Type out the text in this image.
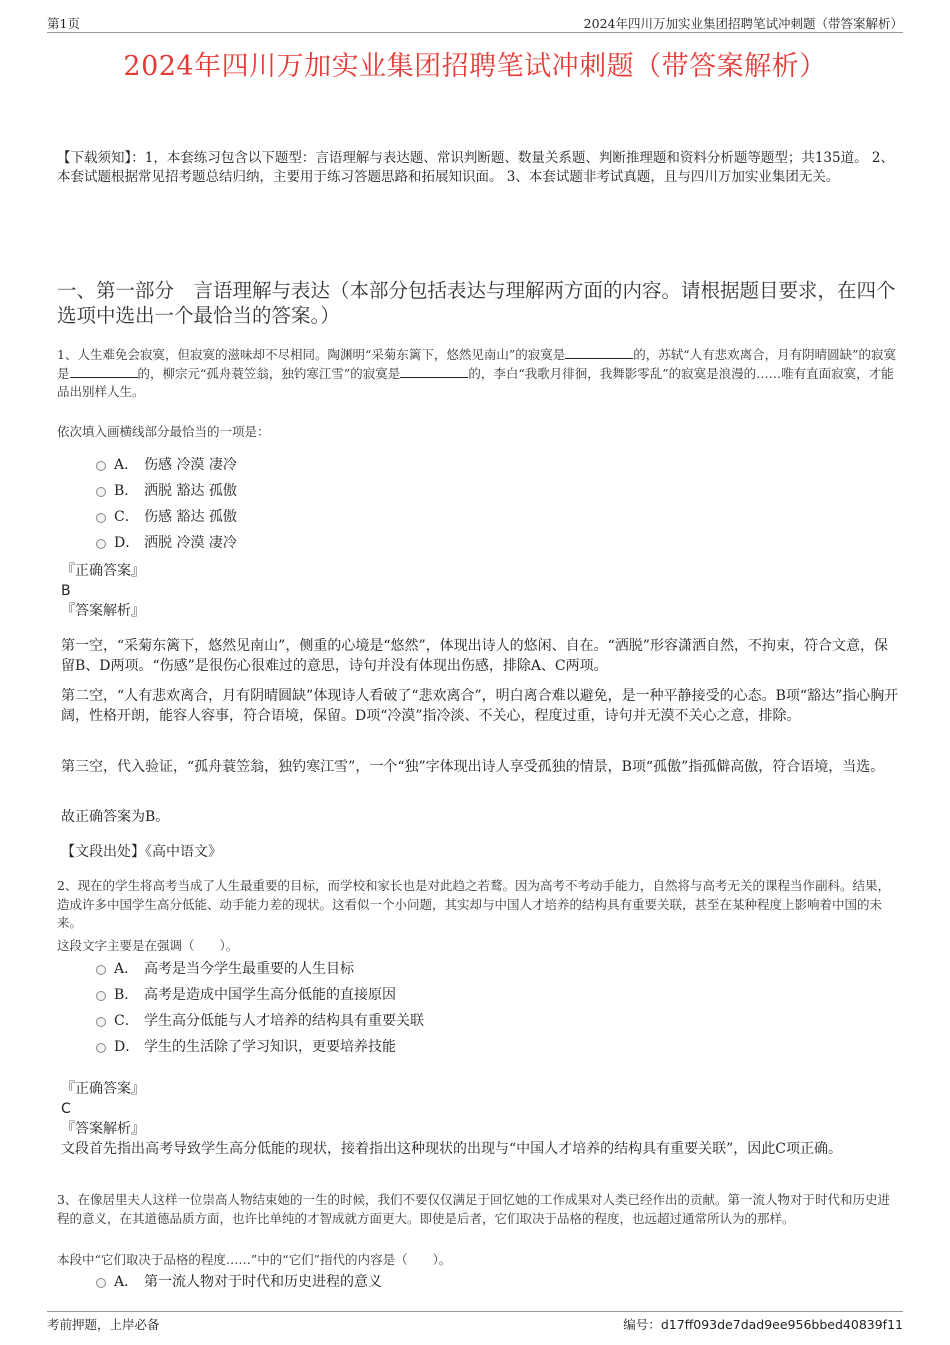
第1页	2024年四川万加实业集团招聘笔试冲刺题（带答案解析）
2024年四川万加实业集团招聘笔试冲刺题（带答案解析）
【下载须知】：1，本套练习包含以下题型：言语理解与表达题、常识判断题、数量关系题、判断推理题和资料分析题等题型；共135道。 2、本套试题根据常见招考题总结归纳，主要用于练习答题思路和拓展知识面。 3、本套试题非考试真题，且与四川万加实业集团无关。
一、第一部分　言语理解与表达（本部分包括表达与理解两方面的内容。请根据题目要求，在四个选项中选出一个最恰当的答案。）
1、人生难免会寂寞，但寂寞的滋味却不尽相同。陶渊明“采菊东篱下，悠然见南山”的寂寞是	的，苏轼“人有悲欢离合，月有阴晴圆缺”的寂寞是	的，柳宗元“孤舟蓑笠翁，独钓寒江雪”的寂寞是	的，李白“我歌月徘徊，我舞影零乱”的寂寞是浪漫的……唯有直面寂寞，才能品出别样人生。
依次填入画横线部分最恰当的一项是：
A． 伤感 冷漠 凄冷
B． 洒脱 豁达 孤傲
C． 伤感 豁达 孤傲
D． 洒脱 冷漠 凄冷
『正确答案』
B
『答案解析』
第一空，“采菊东篱下，悠然见南山”，侧重的心境是“悠然”，体现出诗人的悠闲、自在。“洒脱”形容潇洒自然，不拘束，符合文意，保留B、D两项。“伤感”是很伤心很难过的意思，诗句并没有体现出伤感，排除A、C两项。
第二空，“人有悲欢离合，月有阴晴圆缺”体现诗人看破了“悲欢离合”，明白离合难以避免，是一种平静接受的心态。B项“豁达”指心胸开阔，性格开朗，能容人容事，符合语境，保留。D项“冷漠”指冷淡、不关心，程度过重，诗句并无漠不关心之意，排除。
第三空，代入验证，“孤舟蓑笠翁，独钓寒江雪”，一个“独”字体现出诗人享受孤独的情景，B项“孤傲”指孤僻高傲，符合语境，当选。
故正确答案为B。
【文段出处】《高中语文》
2、现在的学生将高考当成了人生最重要的目标，而学校和家长也是对此趋之若鹜。因为高考不考动手能力，自然将与高考无关的课程当作副科。结果，造成许多中国学生高分低能、动手能力差的现状。这看似一个小问题，其实却与中国人才培养的结构具有重要关联，甚至在某种程度上影响着中国的未来。
这段文字主要是在强调（　　）。
A． 高考是当今学生最重要的人生目标
B． 高考是造成中国学生高分低能的直接原因
C． 学生高分低能与人才培养的结构具有重要关联
D． 学生的生活除了学习知识，更要培养技能
『正确答案』
C
『答案解析』
文段首先指出高考导致学生高分低能的现状，接着指出这种现状的出现与“中国人才培养的结构具有重要关联”，因此C项正确。
3、在像居里夫人这样一位崇高人物结束她的一生的时候，我们不要仅仅满足于回忆她的工作成果对人类已经作出的贡献。第一流人物对于时代和历史进程的意义，在其道德品质方面，也许比单纯的才智成就方面更大。即使是后者，它们取决于品格的程度，也远超过通常所认为的那样。
本段中“它们取决于品格的程度……”中的“它们”指代的内容是（　　）。
A． 第一流人物对于时代和历史进程的意义
考前押题，上岸必备	编号：d17ff093de7dad9ee956bbed40839f11
